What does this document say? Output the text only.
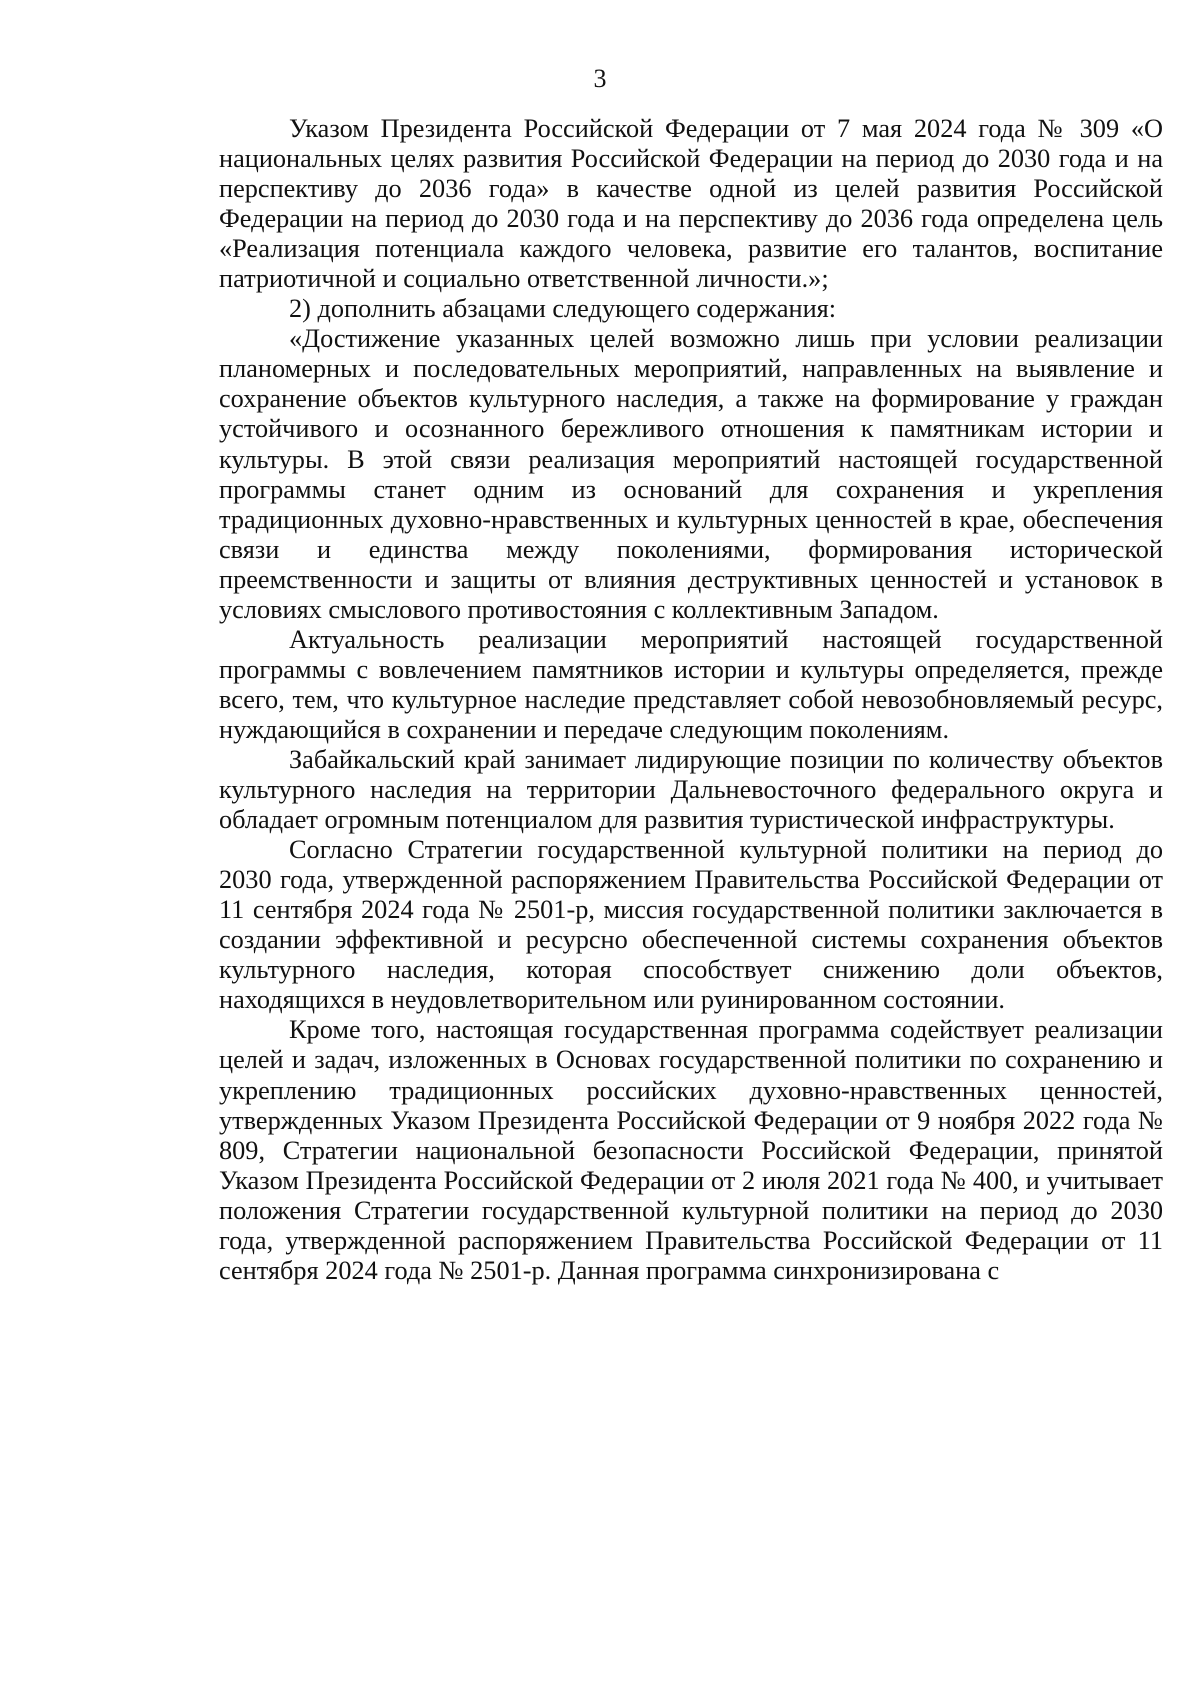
3

Указом Президента Российской Федерации от 7 мая 2024 года № 309 «О национальных целях развития Российской Федерации на период до 2030 года и на перспективу до 2036 года» в качестве одной из целей развития Российской Федерации на период до 2030 года и на перспективу до 2036 года определена цель «Реализация потенциала каждого человека, развитие его талантов, воспитание патриотичной и социально ответственной личности.»;

2) дополнить абзацами следующего содержания:

«Достижение указанных целей возможно лишь при условии реализации планомерных и последовательных мероприятий, направленных на выявление и сохранение объектов культурного наследия, а также на формирование у граждан устойчивого и осознанного бережливого отношения к памятникам истории и культуры. В этой связи реализация мероприятий настоящей государственной программы станет одним из оснований для сохранения и укрепления традиционных духовно-нравственных и культурных ценностей в крае, обеспечения связи и единства между поколениями, формирования исторической преемственности и защиты от влияния деструктивных ценностей и установок в условиях смыслового противостояния с коллективным Западом.

Актуальность реализации мероприятий настоящей государственной программы с вовлечением памятников истории и культуры определяется, прежде всего, тем, что культурное наследие представляет собой невозобновляемый ресурс, нуждающийся в сохранении и передаче следующим поколениям.

Забайкальский край занимает лидирующие позиции по количеству объектов культурного наследия на территории Дальневосточного федерального округа и обладает огромным потенциалом для развития туристической инфраструктуры.

Согласно Стратегии государственной культурной политики на период до 2030 года, утвержденной распоряжением Правительства Российской Федерации от 11 сентября 2024 года № 2501-р, миссия государственной политики заключается в создании эффективной и ресурсно обеспеченной системы сохранения объектов культурного наследия, которая способствует снижению доли объектов, находящихся в неудовлетворительном или руинированном состоянии.

Кроме того, настоящая государственная программа содействует реализации целей и задач, изложенных в Основах государственной политики по сохранению и укреплению традиционных российских духовно-нравственных ценностей, утвержденных Указом Президента Российской Федерации от 9 ноября 2022 года № 809, Стратегии национальной безопасности Российской Федерации, принятой Указом Президента Российской Федерации от 2 июля 2021 года № 400, и учитывает положения Стратегии государственной культурной политики на период до 2030 года, утвержденной распоряжением Правительства Российской Федерации от 11 сентября 2024 года № 2501-р. Данная программа синхронизирована с
